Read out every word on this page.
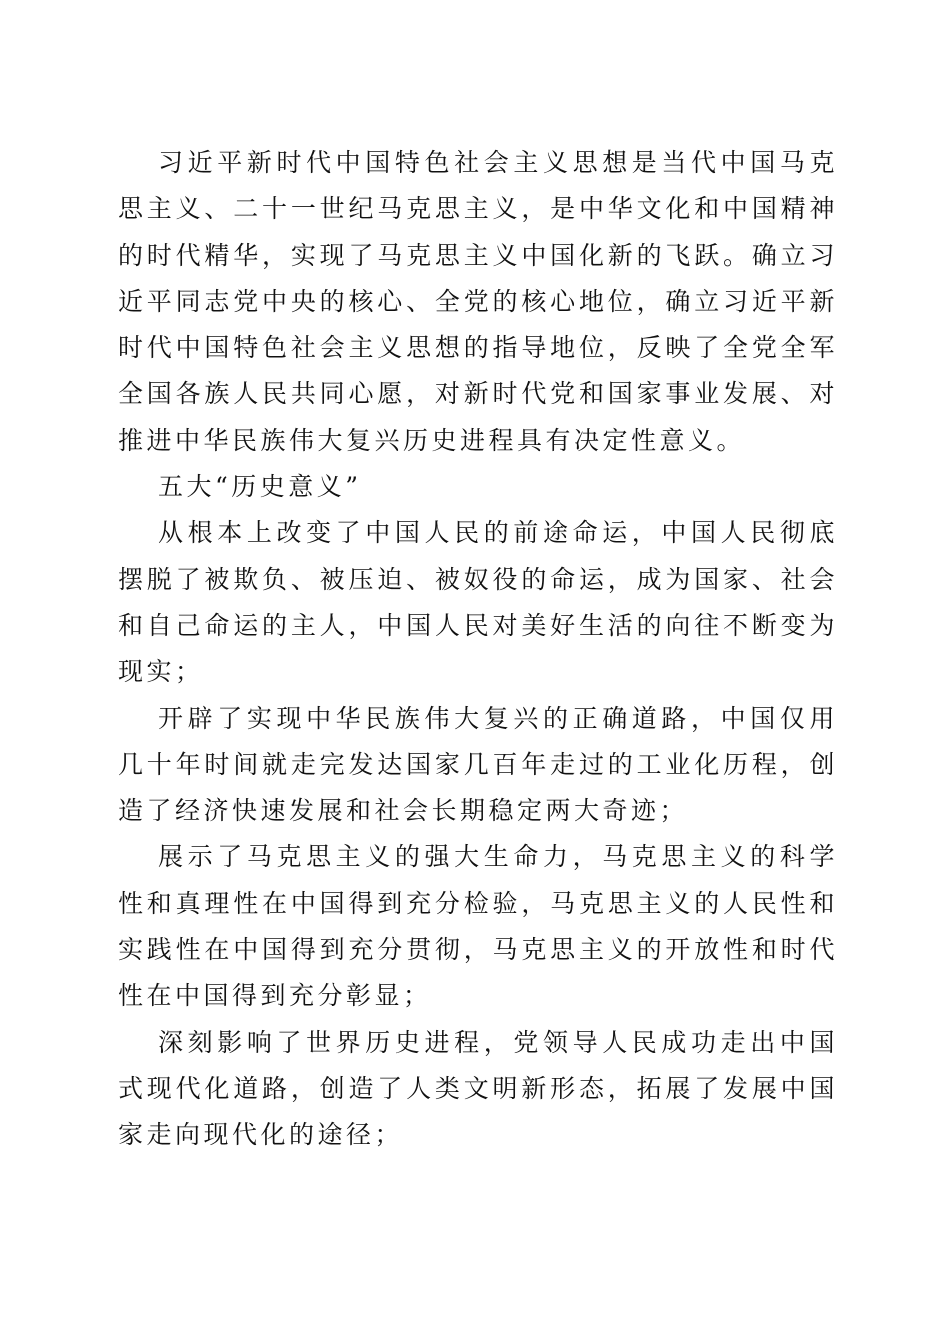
习近平新时代中国特色社会主义思想是当代中国马克思主义、二十一世纪马克思主义，是中华文化和中国精神的时代精华，实现了马克思主义中国化新的飞跃。确立习近平同志党中央的核心、全党的核心地位，确立习近平新时代中国特色社会主义思想的指导地位，反映了全党全军全国各族人民共同心愿，对新时代党和国家事业发展、对推进中华民族伟大复兴历史进程具有决定性意义。

五大“历史意义”

从根本上改变了中国人民的前途命运，中国人民彻底摆脱了被欺负、被压迫、被奴役的命运，成为国家、社会和自己命运的主人，中国人民对美好生活的向往不断变为现实；

开辟了实现中华民族伟大复兴的正确道路，中国仅用几十年时间就走完发达国家几百年走过的工业化历程，创造了经济快速发展和社会长期稳定两大奇迹；

展示了马克思主义的强大生命力，马克思主义的科学性和真理性在中国得到充分检验，马克思主义的人民性和实践性在中国得到充分贯彻，马克思主义的开放性和时代性在中国得到充分彰显；

深刻影响了世界历史进程，党领导人民成功走出中国式现代化道路，创造了人类文明新形态，拓展了发展中国家走向现代化的途径；
